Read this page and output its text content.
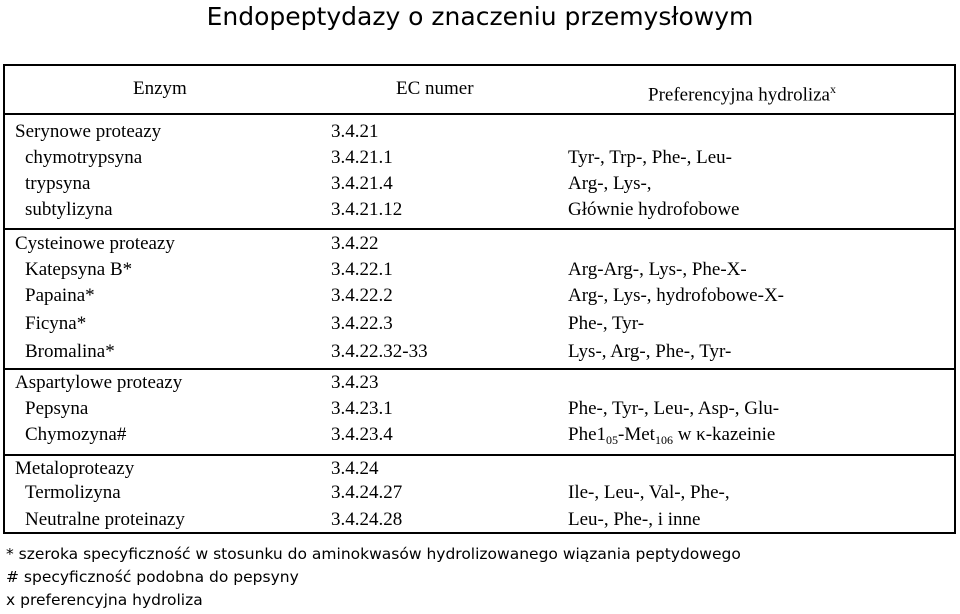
Endopeptydazy o znaczeniu przemysłowym
Enzym	EC numer	Preferencyjna hydroliza$^x$
Serynowe proteazy	3.4.21
chymotrypsyna	3.4.21.1	Tyr-, Trp-, Phe-, Leu-
trypsyna	3.4.21.4	Arg-, Lys-,
subtylizyna	3.4.21.12	Głównie hydrofobowe
Cysteinowe proteazy	3.4.22
Katepsyna B*	3.4.22.1	Arg-Arg-, Lys-, Phe-X-
Papaina*	3.4.22.2	Arg-, Lys-, hydrofobowe-X-
Ficyna*	3.4.22.3	Phe-, Tyr-
Bromalina*	3.4.22.32-33	Lys-, Arg-, Phe-, Tyr-
Aspartylowe proteazy	3.4.23
Pepsyna	3.4.23.1	Phe-, Tyr-, Leu-, Asp-, Glu-
Chymozyna#	3.4.23.4	$Phe1_{05}-Met_{106}$ w κ-kazeinie
Metaloproteazy	3.4.24
Termolizyna	3.4.24.27	Ile-, Leu-, Val-, Phe-,
Neutralne proteinazy	3.4.24.28	Leu-, Phe-, i inne
* szeroka specyficzność w stosunku do aminokwasów hydrolizowanego wiązania peptydowego
# specyficzność podobna do pepsyny
x preferencyjna hydroliza
